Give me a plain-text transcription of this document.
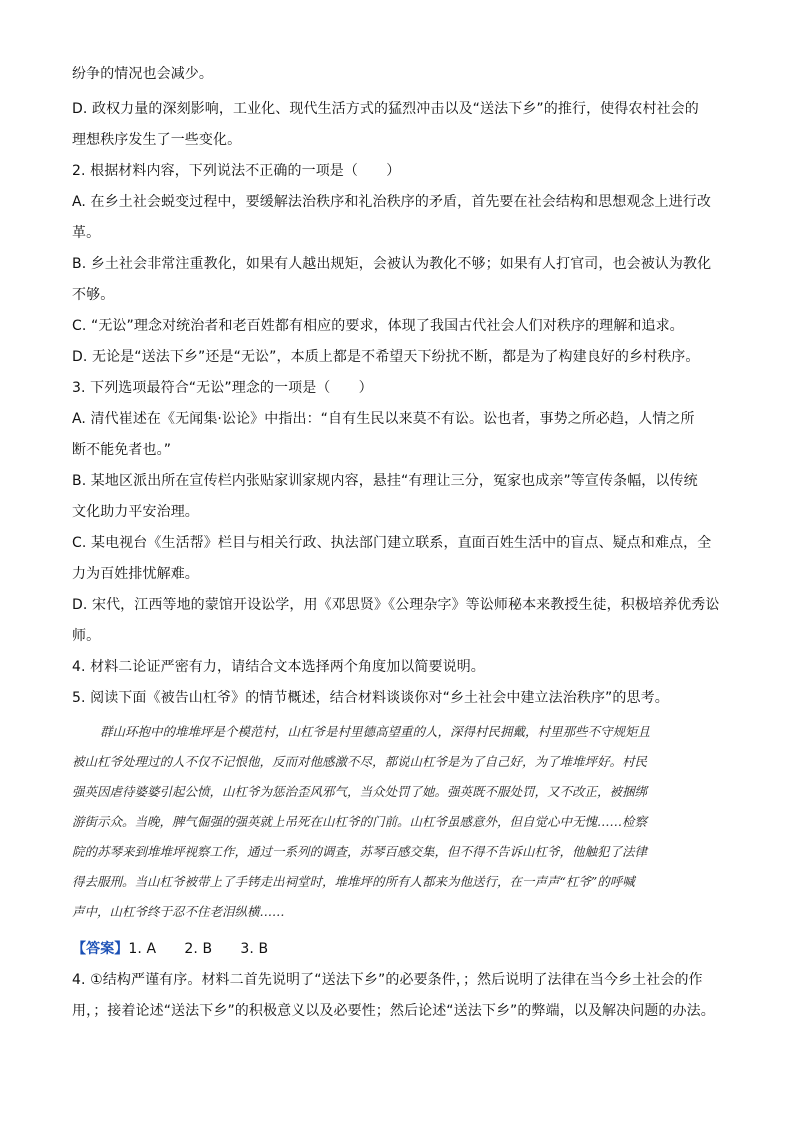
纷争的情况也会减少。
D. 政权力量的深刻影响，工业化、现代生活方式的猛烈冲击以及“送法下乡”的推行，使得农村社会的
理想秩序发生了一些变化。
2. 根据材料内容，下列说法不正确的一项是（　　）
A. 在乡土社会蜕变过程中，要缓解法治秩序和礼治秩序的矛盾，首先要在社会结构和思想观念上进行改
革。
B. 乡土社会非常注重教化，如果有人越出规矩，会被认为教化不够；如果有人打官司，也会被认为教化
不够。
C. “无讼”理念对统治者和老百姓都有相应的要求，体现了我国古代社会人们对秩序的理解和追求。
D. 无论是“送法下乡”还是“无讼”，本质上都是不希望天下纷扰不断，都是为了构建良好的乡村秩序。
3. 下列选项最符合“无讼”理念的一项是（　　）
A. 清代崔述在《无闻集·讼论》中指出：“自有生民以来莫不有讼。讼也者，事势之所必趋，人情之所
断不能免者也。”
B. 某地区派出所在宣传栏内张贴家训家规内容，悬挂“有理让三分，冤家也成亲”等宣传条幅，以传统
文化助力平安治理。
C. 某电视台《生活帮》栏目与相关行政、执法部门建立联系，直面百姓生活中的盲点、疑点和难点，全
力为百姓排忧解难。
D. 宋代，江西等地的蒙馆开设讼学，用《邓思贤》《公理杂字》等讼师秘本来教授生徒，积极培养优秀讼
师。
4. 材料二论证严密有力，请结合文本选择两个角度加以简要说明。
5. 阅读下面《被告山杠爷》的情节概述，结合材料谈谈你对“乡土社会中建立法治秩序”的思考。
群山环抱中的堆堆坪是个模范村，山杠爷是村里德高望重的人，深得村民拥戴，村里那些不守规矩且
被山杠爷处理过的人不仅不记恨他，反而对他感激不尽，都说山杠爷是为了自己好，为了堆堆坪好。村民
强英因虐待婆婆引起公愤，山杠爷为惩治歪风邪气，当众处罚了她。强英既不服处罚，又不改正，被捆绑
游街示众。当晚，脾气倔强的强英就上吊死在山杠爷的门前。山杠爷虽感意外，但自觉心中无愧……检察
院的苏琴来到堆堆坪视察工作，通过一系列的调查，苏琴百感交集，但不得不告诉山杠爷，他触犯了法律
得去服刑。当山杠爷被带上了手铐走出祠堂时，堆堆坪的所有人都来为他送行，在一声声“杠爷”的呼喊
声中，山杠爷终于忍不住老泪纵横……
【答案】1. A　　2. B　　3. B
4. ①结构严谨有序。材料二首先说明了“送法下乡”的必要条件，；然后说明了法律在当今乡土社会的作
用，；接着论述“送法下乡”的积极意义以及必要性；然后论述“送法下乡”的弊端，以及解决问题的办法。
